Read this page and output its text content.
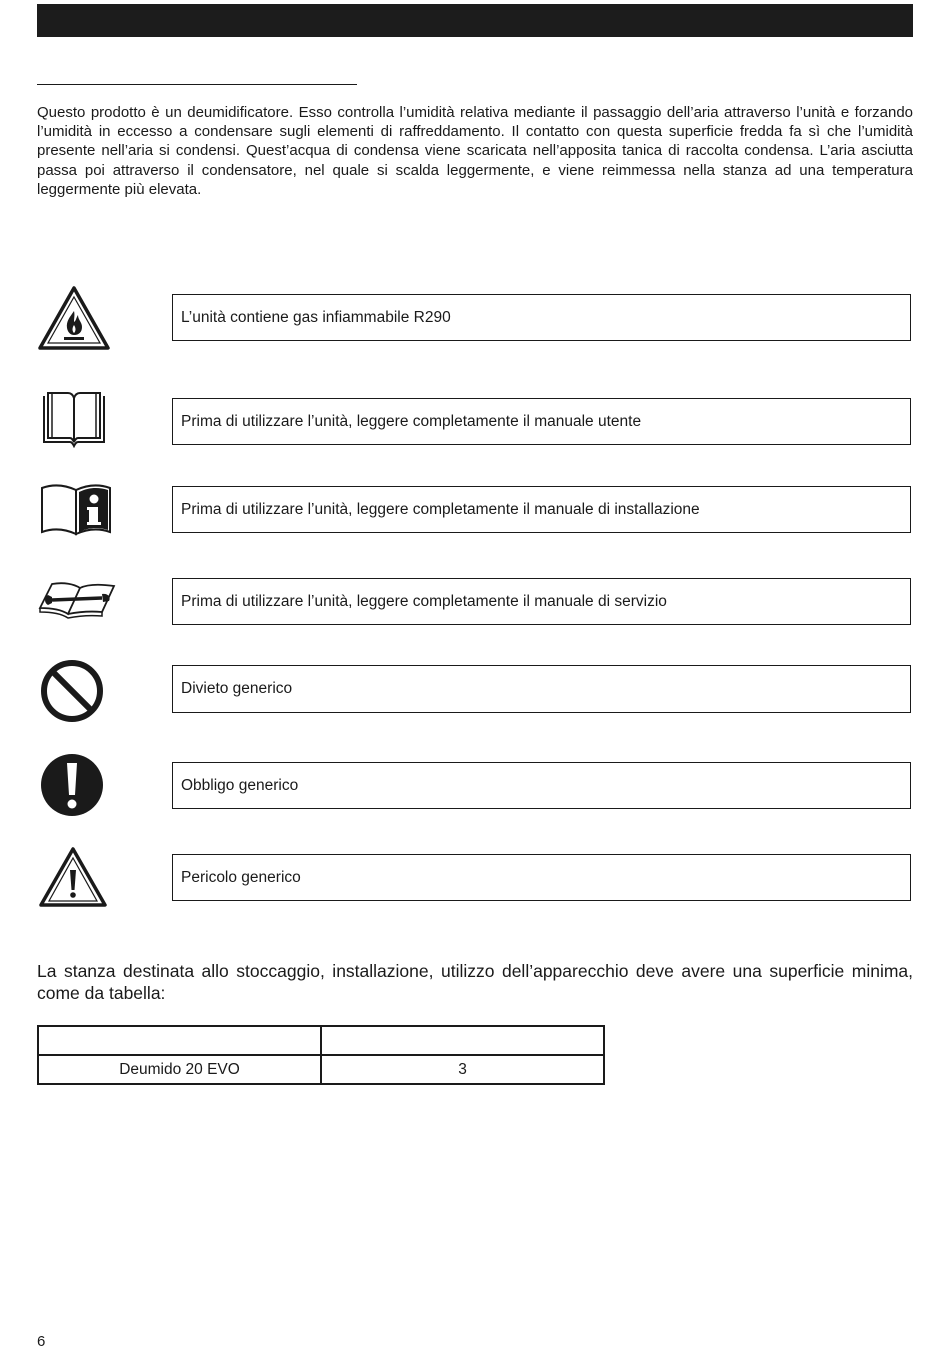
Questo prodotto è un deumidificatore. Esso controlla l’umidità relativa mediante il passaggio dell’aria attraverso l’unità e forzando l’umidità in eccesso a condensare sugli elementi di raffreddamento. Il contatto con questa superficie fredda fa sì che l’umidità presente nell’aria si condensi. Quest’acqua di condensa viene scaricata nell’apposita tanica di raccolta condensa. L’aria asciutta passa poi attraverso il condensatore, nel quale si scalda leggermente, e viene reimmessa nella stanza ad una temperatura leggermente più elevata.

L’unità contiene gas infiammabile R290
Prima di utilizzare l’unità, leggere completamente il manuale utente
Prima di utilizzare l’unità, leggere completamente il manuale di installazione
Prima di utilizzare l’unità, leggere completamente il manuale di servizio
Divieto generico
Obbligo generico
Pericolo generico

La stanza destinata allo stoccaggio, installazione, utilizzo dell’apparecchio deve avere una superficie minima, come da tabella:

Deumido 20 EVO	3
6
